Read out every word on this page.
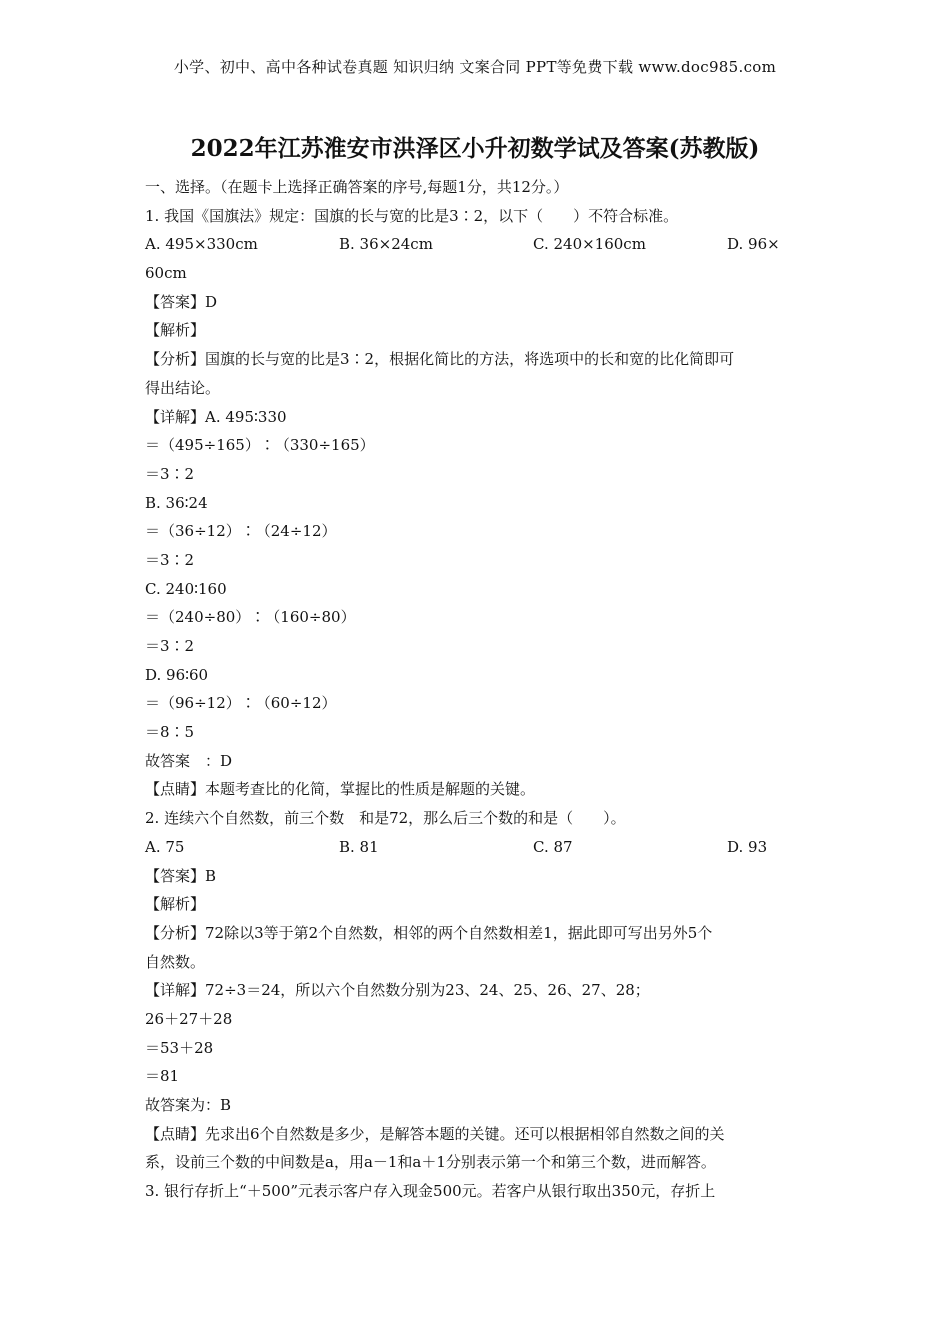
小学、初中、高中各种试卷真题 知识归纳 文案合同 PPT等免费下载 www.doc985.com
2022年江苏淮安市洪泽区小升初数学试及答案(苏教版)
一、选择。（在题卡上选择正确答案的序号,每题1分，共12分。）
1. 我国《国旗法》规定：国旗的长与宽的比是3∶2，以下（　　）不符合标准。
A. 495×330cm	B. 36×24cm	C. 240×160cm	D. 96×
60cm
【答案】D
【解析】
【分析】国旗的长与宽的比是3∶2，根据化简比的方法，将选项中的长和宽的比化简即可
得出结论。
【详解】A. 495∶330
＝（495÷165）∶（330÷165）
＝3∶2
B. 36∶24
＝（36÷12）∶（24÷12）
＝3∶2
C. 240∶160
＝（240÷80）∶（160÷80）
＝3∶2
D. 96∶60
＝（96÷12）∶（60÷12）
＝8∶5
故答案　：D
【点睛】本题考查比的化简，掌握比的性质是解题的关键。
2. 连续六个自然数，前三个数　和是72，那么后三个数的和是（　　）。
A. 75	B. 81	C. 87	D. 93
【答案】B
【解析】
【分析】72除以3等于第2个自然数，相邻的两个自然数相差1，据此即可写出另外5个
自然数。
【详解】72÷3＝24，所以六个自然数分别为23、24、25、26、27、28；
26＋27＋28
＝53＋28
＝81
故答案为：B
【点睛】先求出6个自然数是多少，是解答本题的关键。还可以根据相邻自然数之间的关
系，设前三个数的中间数是a，用a－1和a＋1分别表示第一个和第三个数，进而解答。
3. 银行存折上“＋500”元表示客户存入现金500元。若客户从银行取出350元，存折上
